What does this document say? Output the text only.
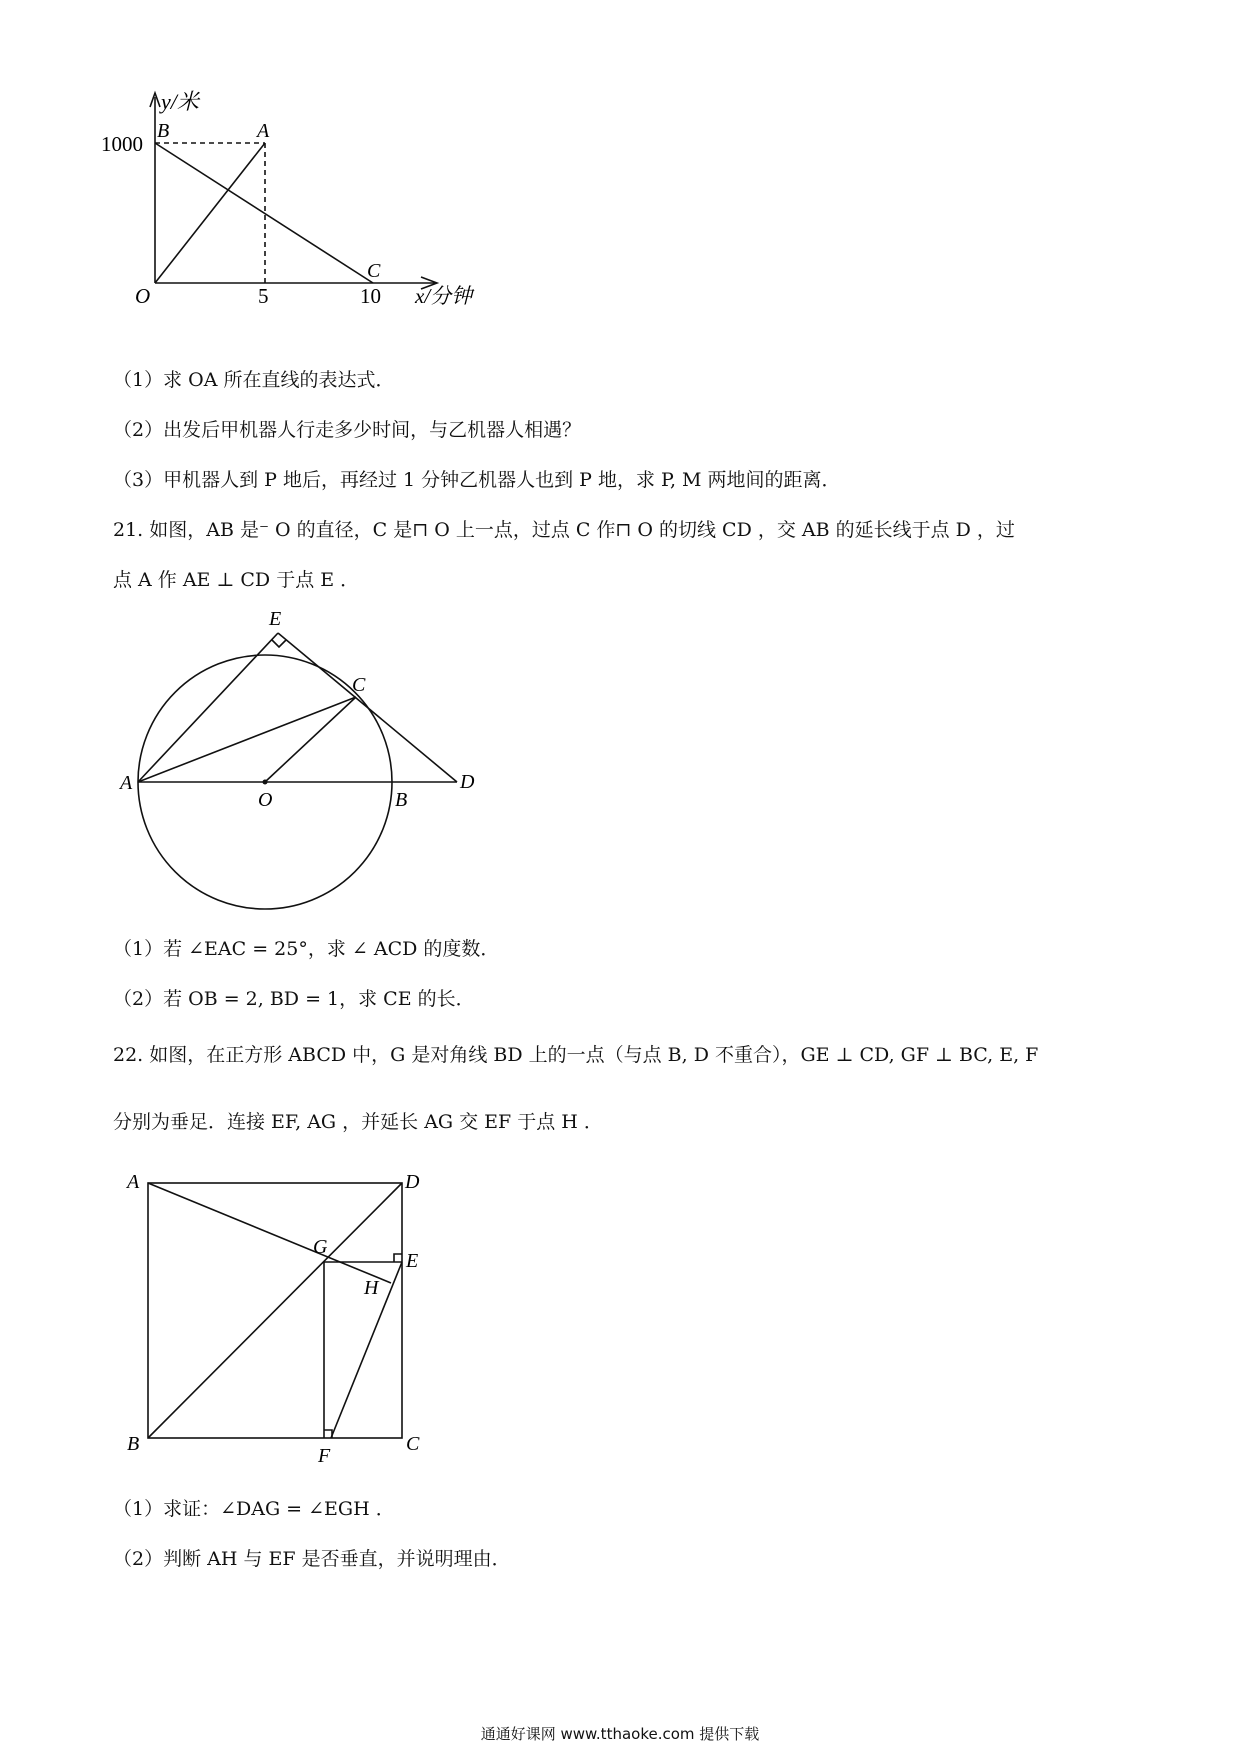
y/米
1000
B	A
C
O	5	10 x/分钟
（1）求 OA 所在直线的表达式．
（2）出发后甲机器人行走多少时间，与乙机器人相遇？
（3）甲机器人到 P 地后，再经过 1 分钟乙机器人也到 P 地，求 P, M 两地间的距离．
21. 如图，AB 是⁻ O 的直径，C 是⊓ O 上一点，过点 C 作⊓ O 的切线 CD ，交 AB 的延长线于点 D ，过
点 A 作 AE ⊥ CD 于点 E ．
E
C
A
O	B
D
（1）若 ∠EAC = 25°，求 ∠ ACD 的度数．
（2）若 OB = 2, BD = 1，求 CE 的长．
22. 如图，在正方形 ABCD 中，G 是对角线 BD 上的一点（与点 B, D 不重合），GE ⊥ CD, GF ⊥ BC, E, F
分别为垂足．连接 EF, AG ，并延长 AG 交 EF 于点 H ．
A	D
G
E
H
B
F
C
（1）求证：∠DAG = ∠EGH ．
（2）判断 AH 与 EF 是否垂直，并说明理由．
通通好课网 www.tthaoke.com 提供下载
